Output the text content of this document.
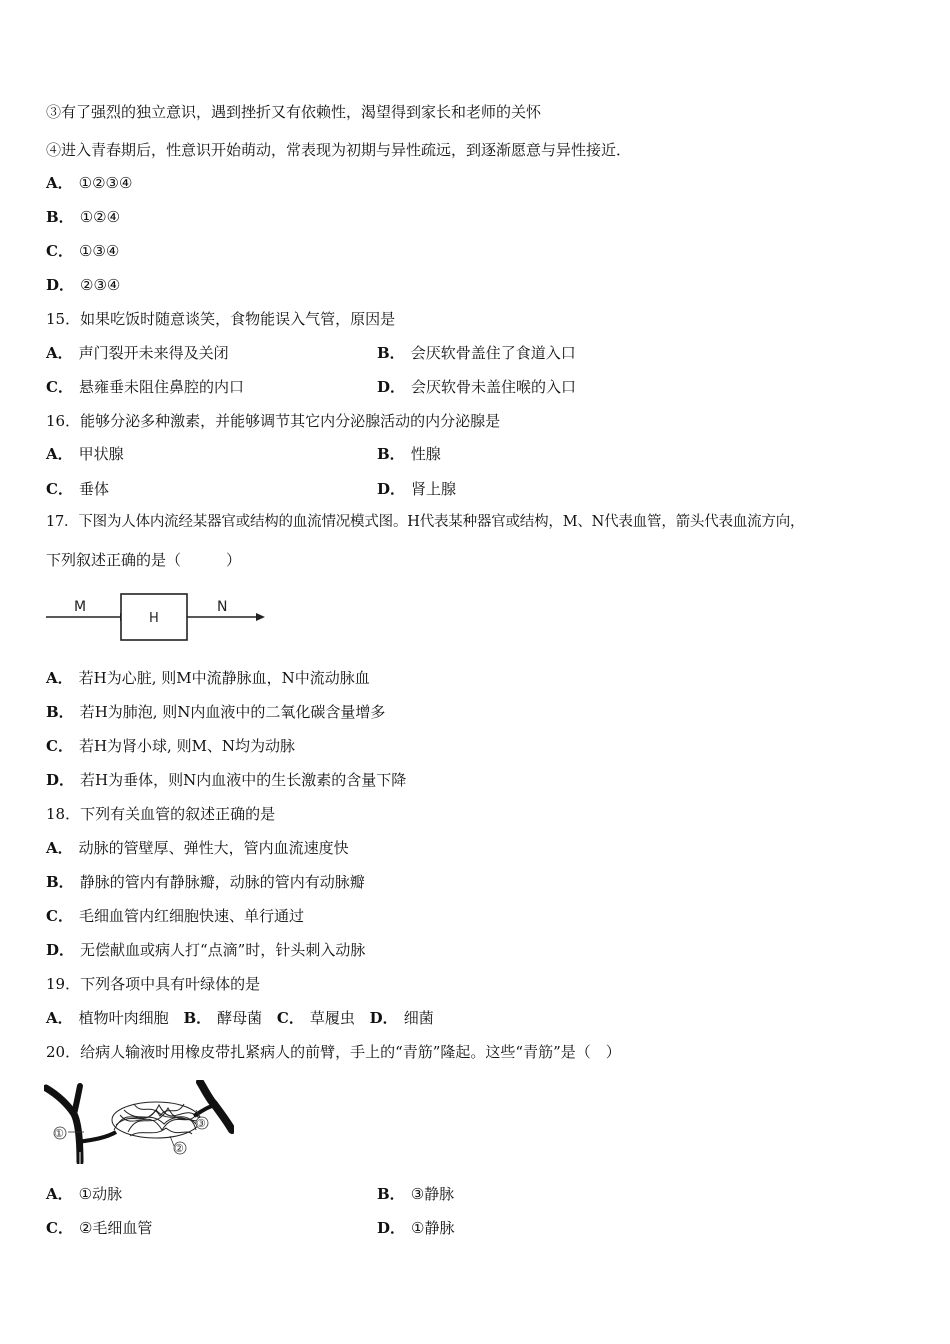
③有了强烈的独立意识，遇到挫折又有依赖性，渴望得到家长和老师的关怀
④进入青春期后，性意识开始萌动，常表现为初期与异性疏远，到逐渐愿意与异性接近．
A． ①②③④
B． ①②④
C． ①③④
D． ②③④
15．如果吃饭时随意谈笑，食物能误入气管，原因是
A． 声门裂开未来得及关闭	B． 会厌软骨盖住了食道入口
C． 悬雍垂未阻住鼻腔的内口	D． 会厌软骨未盖住喉的入口
16．能够分泌多种激素，并能够调节其它内分泌腺活动的内分泌腺是
A． 甲状腺	B． 性腺
C． 垂体	D． 肾上腺
17．下图为人体内流经某器官或结构的血流情况模式图。H代表某种器官或结构，M、N代表血管，箭头代表血流方向，
下列叙述正确的是（　　　）
M
H
N
A． 若H为心脏, 则M中流静脉血，N中流动脉血
B． 若H为肺泡, 则N内血液中的二氧化碳含量增多
C． 若H为肾小球, 则M、N均为动脉
D． 若H为垂体，则N内血液中的生长激素的含量下降
18．下列有关血管的叙述正确的是
A． 动脉的管壁厚、弹性大，管内血流速度快
B． 静脉的管内有静脉瓣，动脉的管内有动脉瓣
C． 毛细血管内红细胞快速、单行通过
D． 无偿献血或病人打“点滴”时，针头刺入动脉
19．下列各项中具有叶绿体的是
A． 植物叶肉细胞 B． 酵母菌 C． 草履虫 D． 细菌
20．给病人输液时用橡皮带扎紧病人的前臂，手上的“青筋”隆起。这些“青筋”是（　）
①
②
③
A． ①动脉	B． ③静脉
C． ②毛细血管	D． ①静脉
